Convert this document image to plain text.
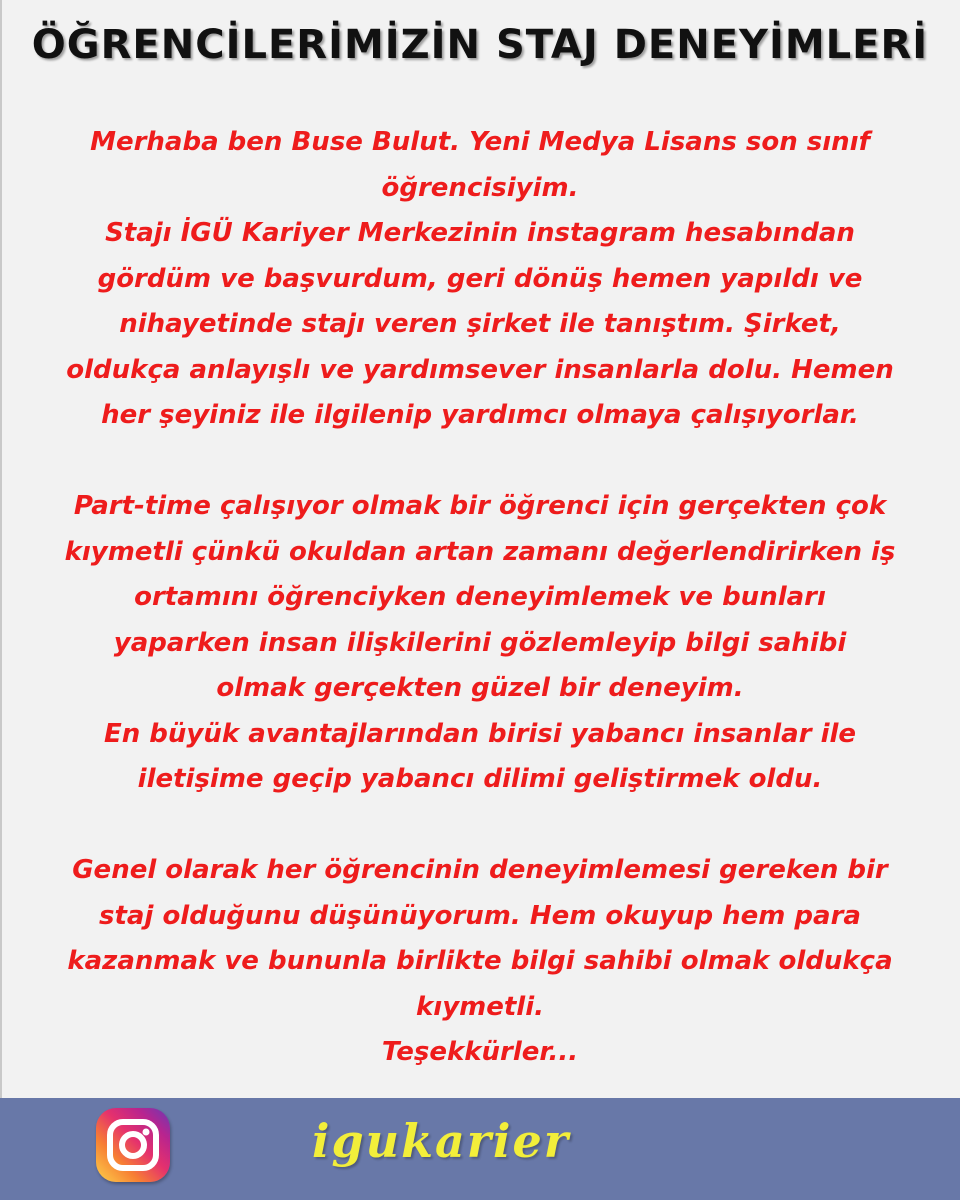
ÖĞRENCİLERİMİZİN STAJ DENEYİMLERİ
Merhaba ben Buse Bulut. Yeni Medya Lisans son sınıf
öğrencisiyim.
Stajı İGÜ Kariyer Merkezinin instagram hesabından
gördüm ve başvurdum, geri dönüş hemen yapıldı ve
nihayetinde stajı veren şirket ile tanıştım. Şirket,
oldukça anlayışlı ve yardımsever insanlarla dolu. Hemen
her şeyiniz ile ilgilenip yardımcı olmaya çalışıyorlar.
Part-time çalışıyor olmak bir öğrenci için gerçekten çok
kıymetli çünkü okuldan artan zamanı değerlendirirken iş
ortamını öğrenciyken deneyimlemek ve bunları
yaparken insan ilişkilerini gözlemleyip bilgi sahibi
olmak gerçekten güzel bir deneyim.
En büyük avantajlarından birisi yabancı insanlar ile
iletişime geçip yabancı dilimi geliştirmek oldu.
Genel olarak her öğrencinin deneyimlemesi gereken bir
staj olduğunu düşünüyorum. Hem okuyup hem para
kazanmak ve bununla birlikte bilgi sahibi olmak oldukça
kıymetli.
Teşekkürler...
igukarier
